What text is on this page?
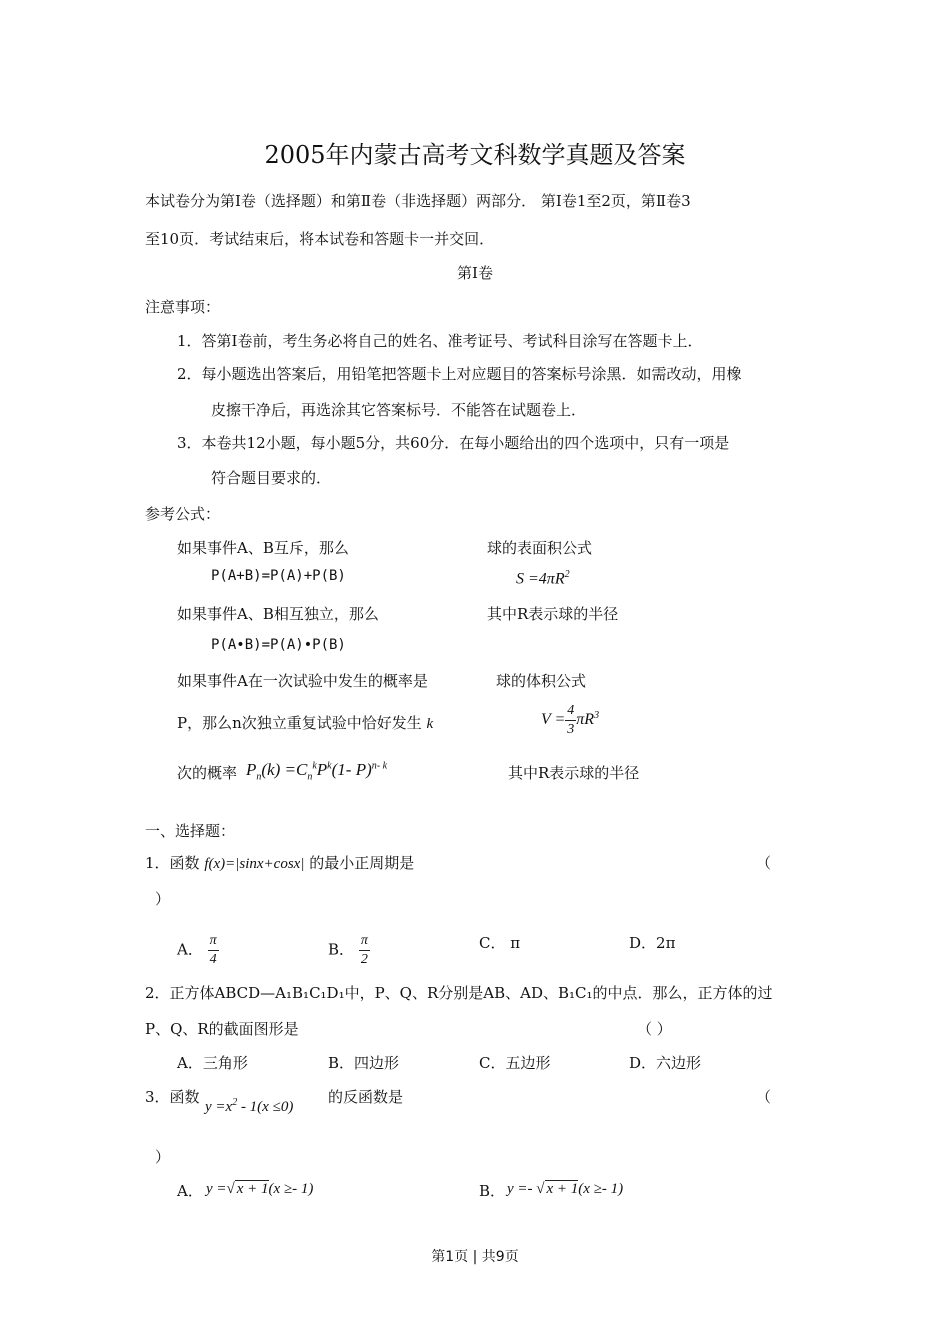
2005年内蒙古高考文科数学真题及答案
本试卷分为第Ⅰ卷（选择题）和第Ⅱ卷（非选择题）两部分． 第Ⅰ卷1至2页，第Ⅱ卷3
至10页．考试结束后，将本试卷和答题卡一并交回．
第Ⅰ卷
注意事项：
1．答第Ⅰ卷前，考生务必将自己的姓名、准考证号、考试科目涂写在答题卡上．
2．每小题选出答案后，用铅笔把答题卡上对应题目的答案标号涂黑．如需改动，用橡
皮擦干净后，再选涂其它答案标号．不能答在试题卷上．
3．本卷共12小题，每小题5分，共60分．在每小题给出的四个选项中，只有一项是
符合题目要求的．
参考公式：
如果事件A、B互斥，那么
P(A+B)=P(A)+P(B)
如果事件A、B相互独立，那么
P(A•B)=P(A)•P(B)
如果事件A在一次试验中发生的概率是
P，那么n次独立重复试验中恰好发生 k
次的概率 $P_n(k) =C_n^kP^k(1-$ P)$^{n- k}$
球的表面积公式
$S =4\pi R^2$
其中R表示球的半径
球的体积公式
$V = \frac{4}{3} \pi R^3$
其中R表示球的半径
一、选择题：
1．函数 f(x)=|sinx+cosx| 的最小正周期是	（
）
A． $\frac{\pi}{4}$	B． $\frac{\pi}{2}$	C． π	D．2π
2．正方体ABCD—A₁B₁C₁D₁中，P、Q、R分别是AB、AD、B₁C₁的中点．那么，正方体的过
P、Q、R的截面图形是	（ ）
A．三角形	B．四边形	C．五边形	D．六边形
3．函数
$y =x^2 - 1(x \le 0)$
的反函数是	（
）
A． y =√ x + 1(x ≥- 1)	B． y =- √ x + 1(x ≥- 1)
第1页 | 共9页
